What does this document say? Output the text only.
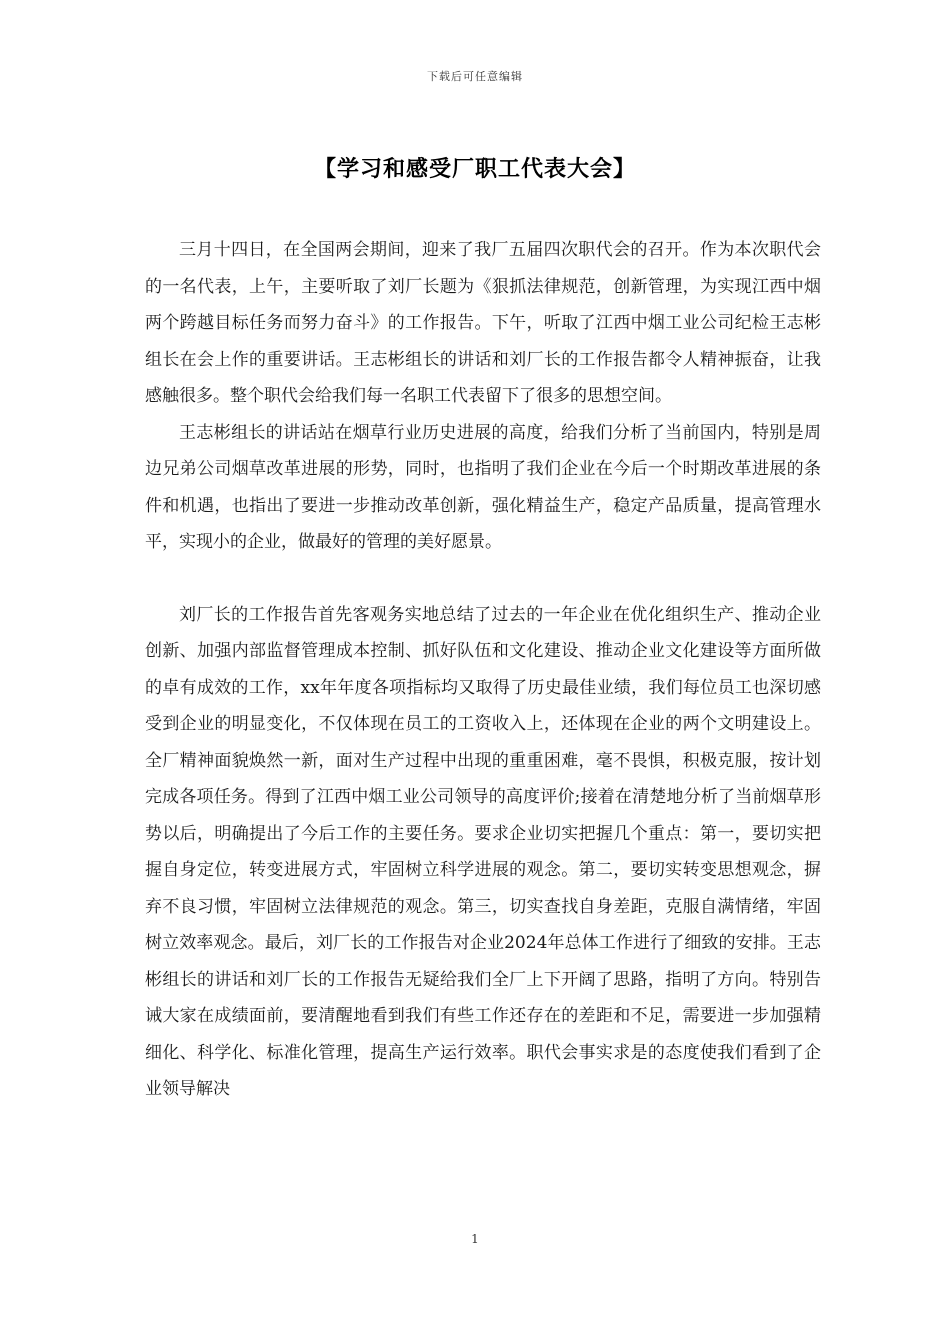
下载后可任意编辑
【学习和感受厂职工代表大会】

三月十四日，在全国两会期间，迎来了我厂五届四次职代会的召开。作为本次职代会的一名代表，上午，主要听取了刘厂长题为《狠抓法律规范，创新管理，为实现江西中烟两个跨越目标任务而努力奋斗》的工作报告。下午，听取了江西中烟工业公司纪检王志彬组长在会上作的重要讲话。王志彬组长的讲话和刘厂长的工作报告都令人精神振奋，让我感触很多。整个职代会给我们每一名职工代表留下了很多的思想空间。

王志彬组长的讲话站在烟草行业历史进展的高度，给我们分析了当前国内，特别是周边兄弟公司烟草改革进展的形势，同时，也指明了我们企业在今后一个时期改革进展的条件和机遇，也指出了要进一步推动改革创新，强化精益生产，稳定产品质量，提高管理水平，实现小的企业，做最好的管理的美好愿景。

刘厂长的工作报告首先客观务实地总结了过去的一年企业在优化组织生产、推动企业创新、加强内部监督管理成本控制、抓好队伍和文化建设、推动企业文化建设等方面所做的卓有成效的工作，xx年年度各项指标均又取得了历史最佳业绩，我们每位员工也深切感受到企业的明显变化，不仅体现在员工的工资收入上，还体现在企业的两个文明建设上。全厂精神面貌焕然一新，面对生产过程中出现的重重困难，毫不畏惧，积极克服，按计划完成各项任务。得到了江西中烟工业公司领导的高度评价;接着在清楚地分析了当前烟草形势以后，明确提出了今后工作的主要任务。要求企业切实把握几个重点：第一，要切实把握自身定位，转变进展方式，牢固树立科学进展的观念。第二，要切实转变思想观念，摒弃不良习惯，牢固树立法律规范的观念。第三，切实查找自身差距，克服自满情绪，牢固树立效率观念。最后，刘厂长的工作报告对企业2024年总体工作进行了细致的安排。王志彬组长的讲话和刘厂长的工作报告无疑给我们全厂上下开阔了思路，指明了方向。特别告诫大家在成绩面前，要清醒地看到我们有些工作还存在的差距和不足，需要进一步加强精细化、科学化、标准化管理，提高生产运行效率。职代会事实求是的态度使我们看到了企业领导解决

1
